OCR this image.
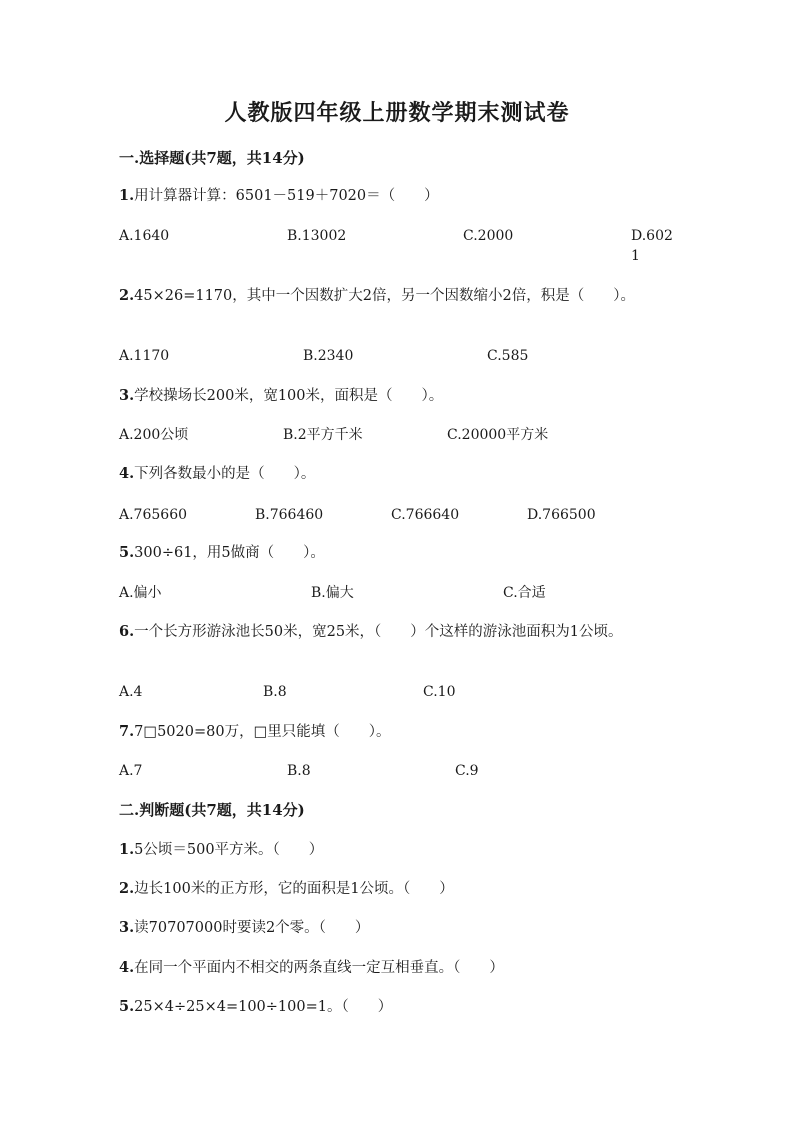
人教版四年级上册数学期末测试卷
一.选择题(共7题，共14分)
1.用计算器计算：6501－519＋7020＝（　　）
A.1640	B.13002	C.2000	D.6021
2.45×26=1170，其中一个因数扩大2倍，另一个因数缩小2倍，积是（　　）。
A.1170	B.2340	C.585
3.学校操场长200米，宽100米，面积是（　　）。
A.200公顷	B.2平方千米	C.20000平方米
4.下列各数最小的是（　　）。
A.765660	B.766460	C.766640	D.766500
5.300÷61，用5做商（　　）。
A.偏小	B.偏大	C.合适
6.一个长方形游泳池长50米，宽25米，（　　）个这样的游泳池面积为1公顷。
A.4	B.8	C.10
7.7□5020=80万，□里只能填（　　）。
A.7	B.8	C.9
二.判断题(共7题，共14分)
1.5公顷＝500平方米。（　　）
2.边长100米的正方形，它的面积是1公顷。（　　）
3.读70707000时要读2个零。（　　）
4.在同一个平面内不相交的两条直线一定互相垂直。（　　）
5.25×4÷25×4=100÷100=1。（　　）
